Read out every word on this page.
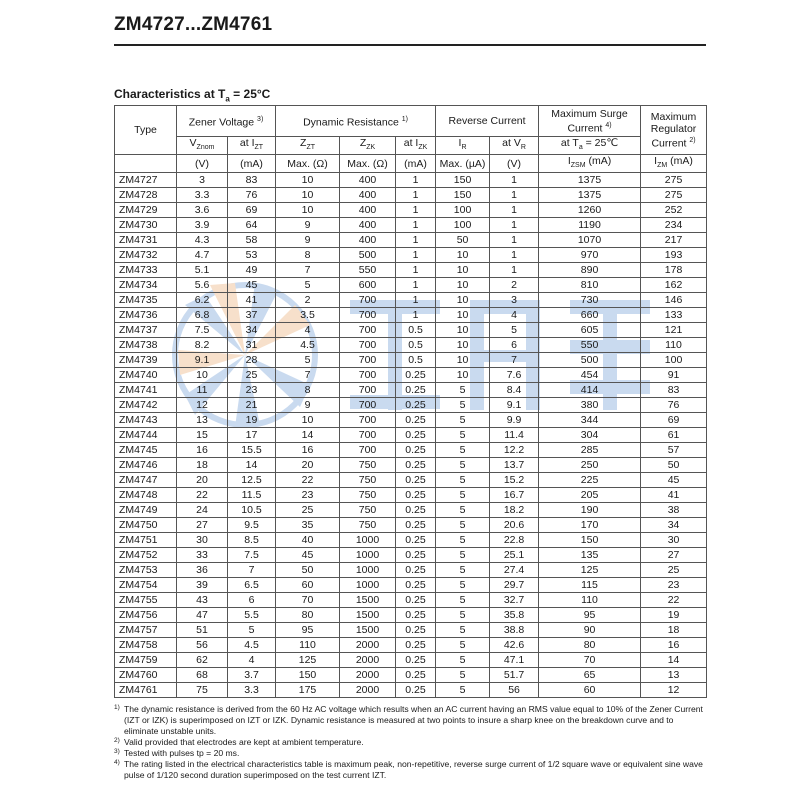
ZM4727...ZM4761
Characteristics at $T_a = 25^\circ C$
Type	Zener Voltage $^{3)}$		Dynamic Resistance $^{1)}$			Reverse Current		Maximum Surge Current $^{4)}$	Maximum Regulator Current $^{2)}$
	$V_{Znom}$	at $I_{ZT}$	$Z_{ZT}$	$Z_{ZK}$	at $I_{ZK}$	$I_R$	at $V_R$	at $T_a$ = 25℃	
	(V)	(mA)	Max. (Ω)	Max. (Ω)	(mA)	Max. (µA)	(V)	$I_{ZSM}$ (mA)	$I_{ZM}$ (mA)
ZM4727	3	83	10	400	1	150	1	1375	275
ZM4728	3.3	76	10	400	1	150	1	1375	275
ZM4729	3.6	69	10	400	1	100	1	1260	252
ZM4730	3.9	64	9	400	1	100	1	1190	234
ZM4731	4.3	58	9	400	1	50	1	1070	217
ZM4732	4.7	53	8	500	1	10	1	970	193
ZM4733	5.1	49	7	550	1	10	1	890	178
ZM4734	5.6	45	5	600	1	10	2	810	162
ZM4735	6.2	41	2	700	1	10	3	730	146
ZM4736	6.8	37	3.5	700	1	10	4	660	133
ZM4737	7.5	34	4	700	0.5	10	5	605	121
ZM4738	8.2	31	4.5	700	0.5	10	6	550	110
ZM4739	9.1	28	5	700	0.5	10	7	500	100
ZM4740	10	25	7	700	0.25	10	7.6	454	91
ZM4741	11	23	8	700	0.25	5	8.4	414	83
ZM4742	12	21	9	700	0.25	5	9.1	380	76
ZM4743	13	19	10	700	0.25	5	9.9	344	69
ZM4744	15	17	14	700	0.25	5	11.4	304	61
ZM4745	16	15.5	16	700	0.25	5	12.2	285	57
ZM4746	18	14	20	750	0.25	5	13.7	250	50
ZM4747	20	12.5	22	750	0.25	5	15.2	225	45
ZM4748	22	11.5	23	750	0.25	5	16.7	205	41
ZM4749	24	10.5	25	750	0.25	5	18.2	190	38
ZM4750	27	9.5	35	750	0.25	5	20.6	170	34
ZM4751	30	8.5	40	1000	0.25	5	22.8	150	30
ZM4752	33	7.5	45	1000	0.25	5	25.1	135	27
ZM4753	36	7	50	1000	0.25	5	27.4	125	25
ZM4754	39	6.5	60	1000	0.25	5	29.7	115	23
ZM4755	43	6	70	1500	0.25	5	32.7	110	22
ZM4756	47	5.5	80	1500	0.25	5	35.8	95	19
ZM4757	51	5	95	1500	0.25	5	38.8	90	18
ZM4758	56	4.5	110	2000	0.25	5	42.6	80	16
ZM4759	62	4	125	2000	0.25	5	47.1	70	14
ZM4760	68	3.7	150	2000	0.25	5	51.7	65	13
ZM4761	75	3.3	175	2000	0.25	5	56	60	12
1) The dynamic resistance is derived from the 60 Hz AC voltage which results when an AC current having an RMS value equal to 10% of the Zener Current (IZT or IZK) is superimposed on IZT or IZK. Dynamic resistance is measured at two points to insure a sharp knee on the breakdown curve and to eliminate unstable units.
2) Valid provided that electrodes are kept at ambient temperature.
3) Tested with pulses tp = 20 ms.
4) The rating listed in the electrical characteristics table is maximum peak, non-repetitive, reverse surge current of 1/2 square wave or equivalent sine wave pulse of 1/120 second duration superimposed on the test current IZT.
